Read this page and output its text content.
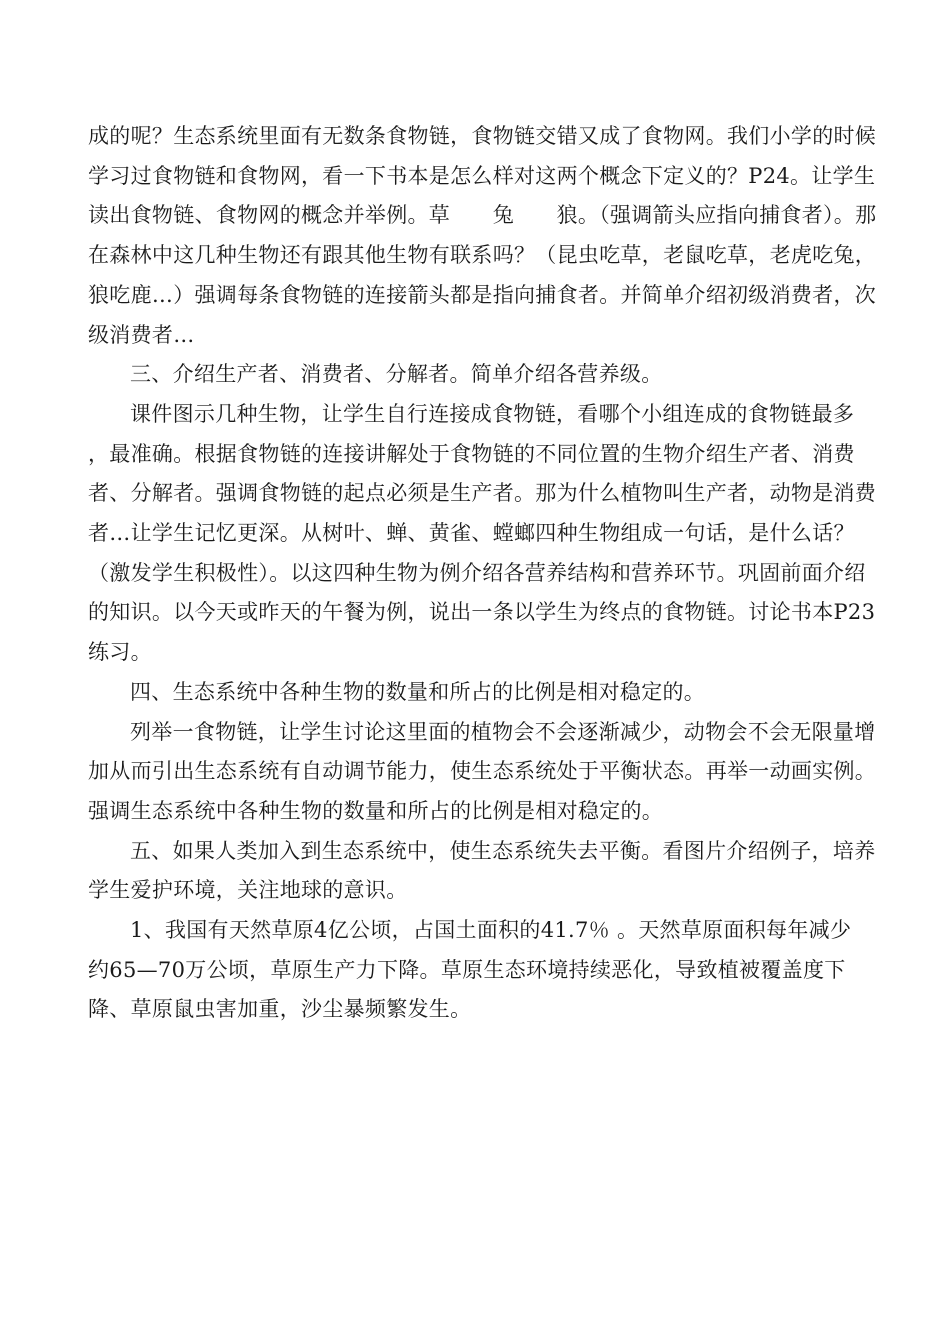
成的呢？生态系统里面有无数条食物链，食物链交错又成了食物网。我们小学的时候学习过食物链和食物网，看一下书本是怎么样对这两个概念下定义的？P24。让学生读出食物链、食物网的概念并举例。草　　兔　　狼。（强调箭头应指向捕食者）。那在森林中这几种生物还有跟其他生物有联系吗？（昆虫吃草，老鼠吃草，老虎吃兔，狼吃鹿…）强调每条食物链的连接箭头都是指向捕食者。并简单介绍初级消费者，次级消费者…

三、介绍生产者、消费者、分解者。简单介绍各营养级。

课件图示几种生物，让学生自行连接成食物链，看哪个小组连成的食物链最多 ，最准确。根据食物链的连接讲解处于食物链的不同位置的生物介绍生产者、消费者、分解者。强调食物链的起点必须是生产者。那为什么植物叫生产者，动物是消费者…让学生记忆更深。从树叶、蝉、黄雀、螳螂四种生物组成一句话，是什么话？（激发学生积极性）。以这四种生物为例介绍各营养结构和营养环节。巩固前面介绍的知识。以今天或昨天的午餐为例，说出一条以学生为终点的食物链。讨论书本P23练习。

四、生态系统中各种生物的数量和所占的比例是相对稳定的。

列举一食物链，让学生讨论这里面的植物会不会逐渐减少，动物会不会无限量增加从而引出生态系统有自动调节能力，使生态系统处于平衡状态。再举一动画实例。强调生态系统中各种生物的数量和所占的比例是相对稳定的。

五、如果人类加入到生态系统中，使生态系统失去平衡。看图片介绍例子，培养学生爱护环境，关注地球的意识。

1、我国有天然草原4亿公顷，占国土面积的41.7％ 。天然草原面积每年减少　约65—70万公顷，草原生产力下降。草原生态环境持续恶化，导致植被覆盖度下降、草原鼠虫害加重，沙尘暴频繁发生。
